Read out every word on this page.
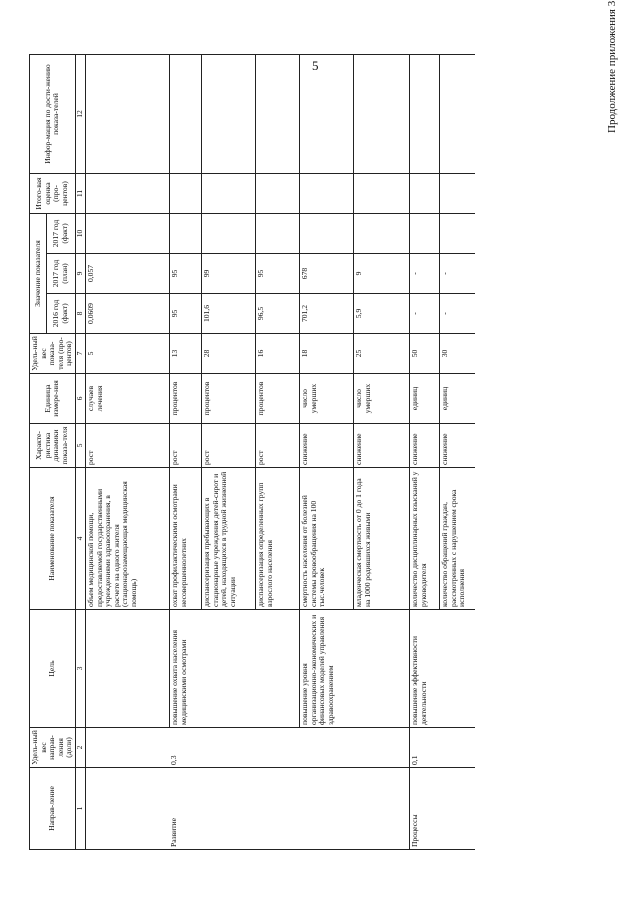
5	Продолжение приложения 3
Направ-ление	Удель-ный вес направ-ления (доли)	Цель	Наименование показателя	Характе-ристика динамики показа-теля	Единица измере-ния	Удель-ный вес показа-теля (про-центов)	Значение показателя			Итого-вая оценка (про-центов)	Инфор-мация по дости-жению показа-телей
							2016 год (факт)	2017 год (план)	2017 год (факт)		
1	2	3	4	5	6	7	8	9	10	11	12
			объем медицинской помощи, предоставляемой государственными учреждениями здравоохранения, в расчете на одного жителя (стационарозамещающая медицинская помощь)	рост	случаев лечения	5	0,0609	0,057			
Развитие	0,3	повышение охвата населения медицинскими осмотрами	охват профилактическими осмотрами несовершеннолетних	рост	процентов	13	95	95			
			диспансеризация пребывающих в стационарные учреждения детей-сирот и детей, находящихся в трудной жизненной ситуации	рост	процентов	28	101,6	99			
			диспансеризация определенных групп взрослого населения	рост	процентов	16	96,5	95			
		повышение уровня организационно-экономических и финансовых моделей управления здравоохранением	смертность населения от болезней системы кровообращения на 100 тыс.человек	снижение	число умерших	18	701,2	678			
			младенческая смертность от 0 до 1 года на 1000 родившихся живыми	снижение	число умерших	25	5,9	9			
Процессы	0,1	повышение эффективности деятельности	количество дисциплинарных взысканий у руководителя	снижение	единиц	50	-	-			
			количество обращений граждан, рассмотренных с нарушением срока исполнения	снижение	единиц	30	-	-			
